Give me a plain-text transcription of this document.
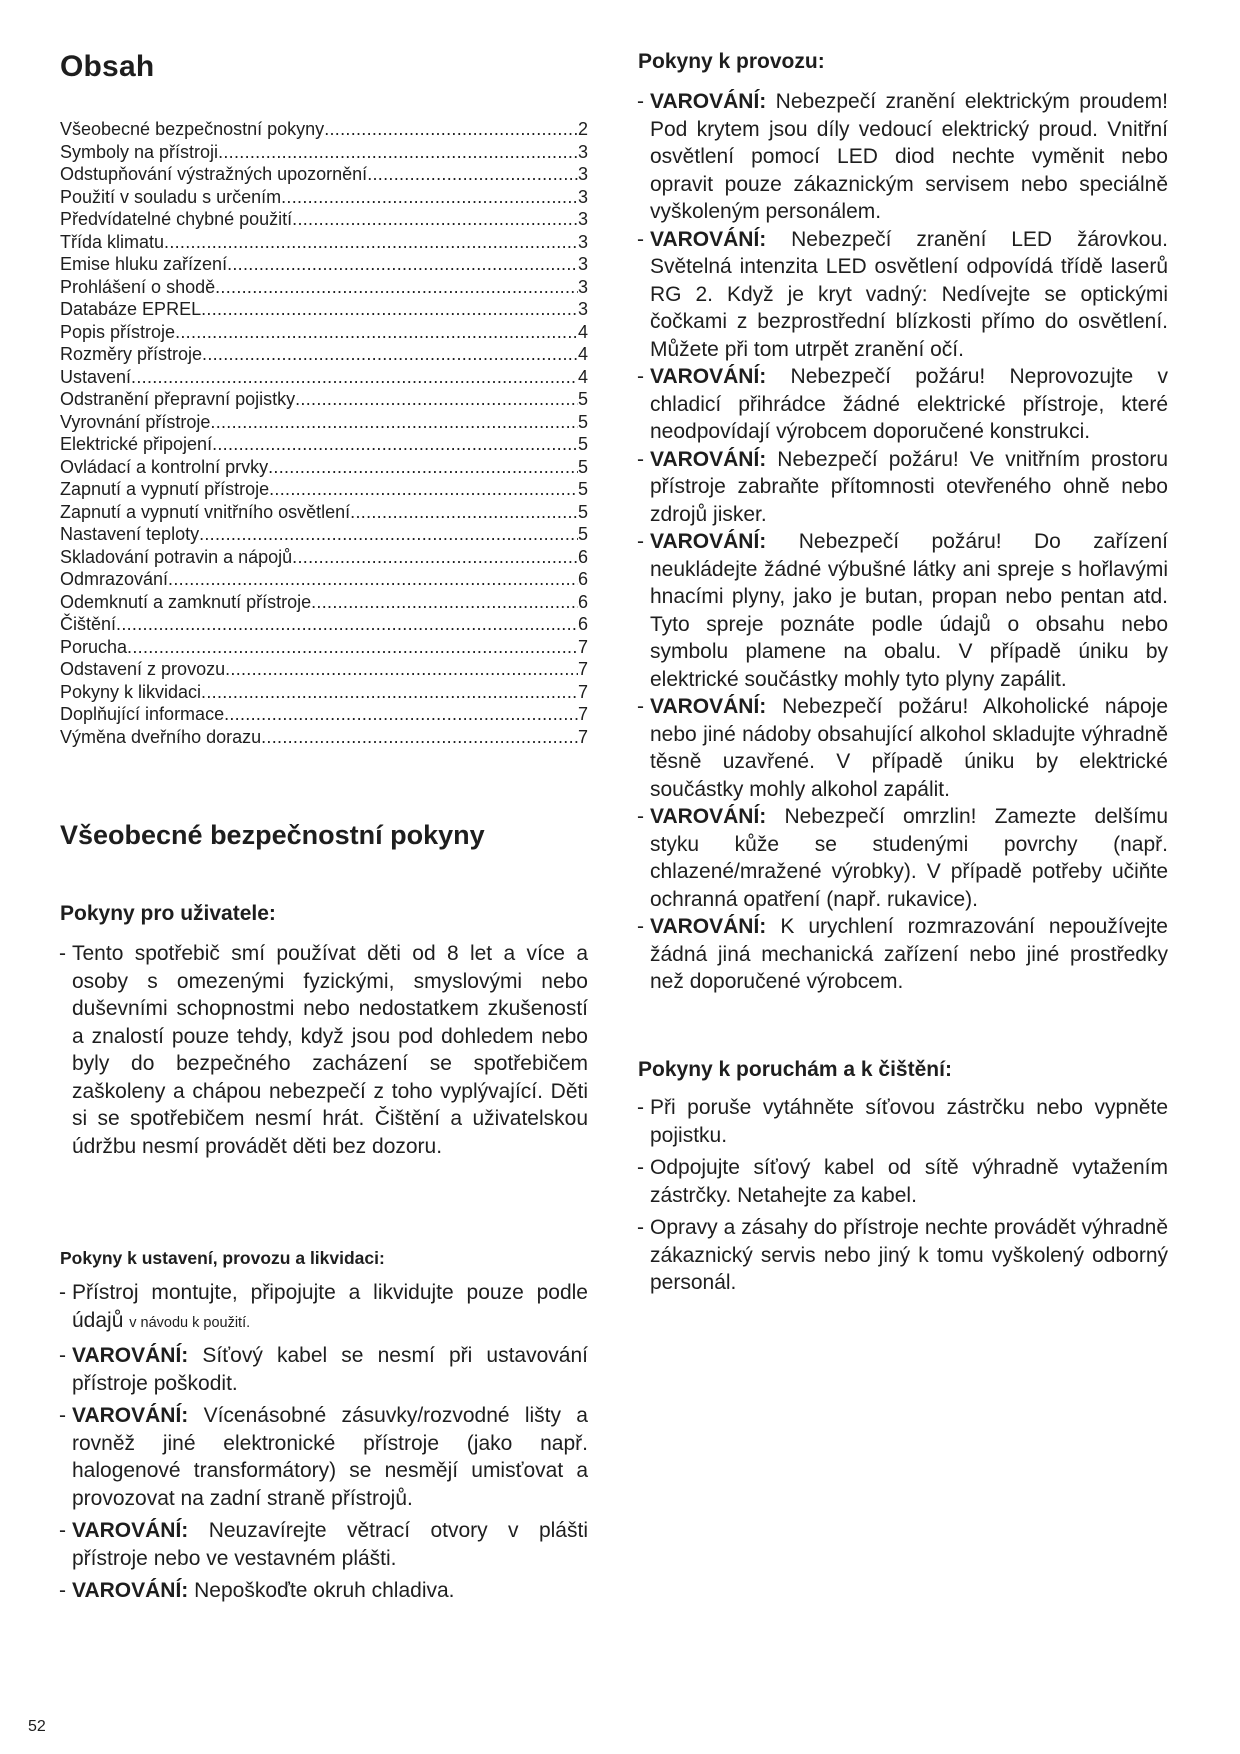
Obsah
Všeobecné bezpečnostní pokyny .....	2
Symboly na přístroji .....	3
Odstupňování výstražných upozornění .....	3
Použití v souladu s určením .....	3
Předvídatelné chybné použití .....	3
Třída klimatu .....	3
Emise hluku zařízení .....	3
Prohlášení o shodě .....	3
Databáze EPREL .....	3
Popis přístroje .....	4
Rozměry přístroje .....	4
Ustavení .....	4
Odstranění přepravní pojistky .....	5
Vyrovnání přístroje .....	5
Elektrické připojení .....	5
Ovládací a kontrolní prvky .....	5
Zapnutí a vypnutí přístroje .....	5
Zapnutí a vypnutí vnitřního osvětlení .....	5
Nastavení teploty .....	5
Skladování potravin a nápojů .....	6
Odmrazování .....	6
Odemknutí a zamknutí přístroje .....	6
Čištění .....	6
Porucha .....	7
Odstavení z provozu .....	7
Pokyny k likvidaci .....	7
Doplňující informace .....	7
Výměna dveřního dorazu .....	7
Všeobecné bezpečnostní pokyny
Pokyny pro uživatele:
- Tento spotřebič smí používat děti od 8 let a více a osoby s omezenými fyzickými, smyslovými nebo duševními schopnostmi nebo nedostatkem zkušeností a znalostí pouze tehdy, když jsou pod dohledem nebo byly do bezpečného zacházení se spotřebičem zaškoleny a chápou nebezpečí z toho vyplývající. Děti si se spotřebičem nesmí hrát. Čištění a uživatelskou údržbu nesmí provádět děti bez dozoru.
Pokyny k ustavení, provozu a likvidaci:
- Přístroj montujte, připojujte a likvidujte pouze podle údajů v návodu k použití.
- VAROVÁNÍ: Síťový kabel se nesmí při ustavování přístroje poškodit.
- VAROVÁNÍ: Vícenásobné zásuvky/rozvodné lišty a rovněž jiné elektronické přístroje (jako např. halogenové transformátory) se nesmějí umisťovat a provozovat na zadní straně přístrojů.
- VAROVÁNÍ: Neuzavírejte větrací otvory v plášti přístroje nebo ve vestavném plášti.
- VAROVÁNÍ: Nepoškoďte okruh chladiva.
Pokyny k provozu:
- VAROVÁNÍ: Nebezpečí zranění elektrickým proudem! Pod krytem jsou díly vedoucí elektrický proud. Vnitřní osvětlení pomocí LED diod nechte vyměnit nebo opravit pouze zákaznickým servisem nebo speciálně vyškoleným personálem.
- VAROVÁNÍ: Nebezpečí zranění LED žárovkou. Světelná intenzita LED osvětlení odpovídá třídě laserů RG 2. Když je kryt vadný: Nedívejte se optickými čočkami z bezprostřední blízkosti přímo do osvětlení. Můžete při tom utrpět zranění očí.
- VAROVÁNÍ: Nebezpečí požáru! Neprovozujte v chladicí přihrádce žádné elektrické přístroje, které neodpovídají výrobcem doporučené konstrukci.
- VAROVÁNÍ: Nebezpečí požáru! Ve vnitřním prostoru přístroje zabraňte přítomnosti otevřeného ohně nebo zdrojů jisker.
- VAROVÁNÍ: Nebezpečí požáru! Do zařízení neukládejte žádné výbušné látky ani spreje s hořlavými hnacími plyny, jako je butan, propan nebo pentan atd. Tyto spreje poznáte podle údajů o obsahu nebo symbolu plamene na obalu. V případě úniku by elektrické součástky mohly tyto plyny zapálit.
- VAROVÁNÍ: Nebezpečí požáru! Alkoholické nápoje nebo jiné nádoby obsahující alkohol skladujte výhradně těsně uzavřené. V případě úniku by elektrické součástky mohly alkohol zapálit.
- VAROVÁNÍ: Nebezpečí omrzlin! Zamezte delšímu styku kůže se studenými povrchy (např. chlazené/mražené výrobky). V případě potřeby učiňte ochranná opatření (např. rukavice).
- VAROVÁNÍ: K urychlení rozmrazování nepoužívejte žádná jiná mechanická zařízení nebo jiné prostředky než doporučené výrobcem.
Pokyny k poruchám a k čištění:
- Při poruše vytáhněte síťovou zástrčku nebo vypněte pojistku.
- Odpojujte síťový kabel od sítě výhradně vytažením zástrčky. Netahejte za kabel.
- Opravy a zásahy do přístroje nechte provádět výhradně zákaznický servis nebo jiný k tomu vyškolený odborný personál.
52
